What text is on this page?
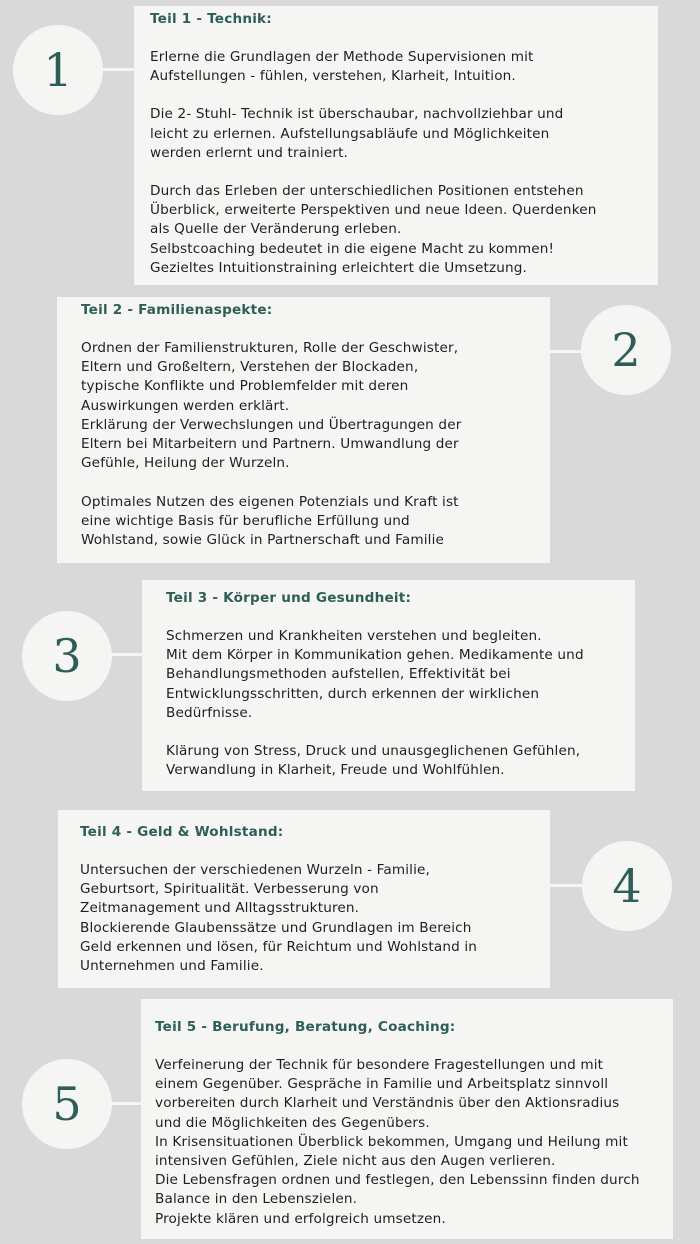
1
Teil 1 - Technik:
Erlerne die Grundlagen der Methode Supervisionen mit
Aufstellungen - fühlen, verstehen, Klarheit, Intuition.
Die 2- Stuhl- Technik ist überschaubar, nachvollziehbar und
leicht zu erlernen. Aufstellungsabläufe und Möglichkeiten
werden erlernt und trainiert.
Durch das Erleben der unterschiedlichen Positionen entstehen
Überblick, erweiterte Perspektiven und neue Ideen. Querdenken
als Quelle der Veränderung erleben.
Selbstcoaching bedeutet in die eigene Macht zu kommen!
Gezieltes Intuitionstraining erleichtert die Umsetzung.
2
Teil 2 - Familienaspekte:
Ordnen der Familienstrukturen, Rolle der Geschwister,
Eltern und Großeltern, Verstehen der Blockaden,
typische Konflikte und Problemfelder mit deren
Auswirkungen werden erklärt.
Erklärung der Verwechslungen und Übertragungen der
Eltern bei Mitarbeitern und Partnern. Umwandlung der
Gefühle, Heilung der Wurzeln.
Optimales Nutzen des eigenen Potenzials und Kraft ist
eine wichtige Basis für berufliche Erfüllung und
Wohlstand, sowie Glück in Partnerschaft und Familie
3
Teil 3 - Körper und Gesundheit:
Schmerzen und Krankheiten verstehen und begleiten.
Mit dem Körper in Kommunikation gehen. Medikamente und
Behandlungsmethoden aufstellen, Effektivität bei
Entwicklungsschritten, durch erkennen der wirklichen
Bedürfnisse.
Klärung von Stress, Druck und unausgeglichenen Gefühlen,
Verwandlung in Klarheit, Freude und Wohlfühlen.
4
Teil 4 - Geld & Wohlstand:
Untersuchen der verschiedenen Wurzeln - Familie,
Geburtsort, Spiritualität. Verbesserung von
Zeitmanagement und Alltagsstrukturen.
Blockierende Glaubenssätze und Grundlagen im Bereich
Geld erkennen und lösen, für Reichtum und Wohlstand in
Unternehmen und Familie.
5
Teil 5 - Berufung, Beratung, Coaching:
Verfeinerung der Technik für besondere Fragestellungen und mit
einem Gegenüber. Gespräche in Familie und Arbeitsplatz sinnvoll
vorbereiten durch Klarheit und Verständnis über den Aktionsradius
und die Möglichkeiten des Gegenübers.
In Krisensituationen Überblick bekommen, Umgang und Heilung mit
intensiven Gefühlen, Ziele nicht aus den Augen verlieren.
Die Lebensfragen ordnen und festlegen, den Lebenssinn finden durch
Balance in den Lebenszielen.
Projekte klären und erfolgreich umsetzen.
